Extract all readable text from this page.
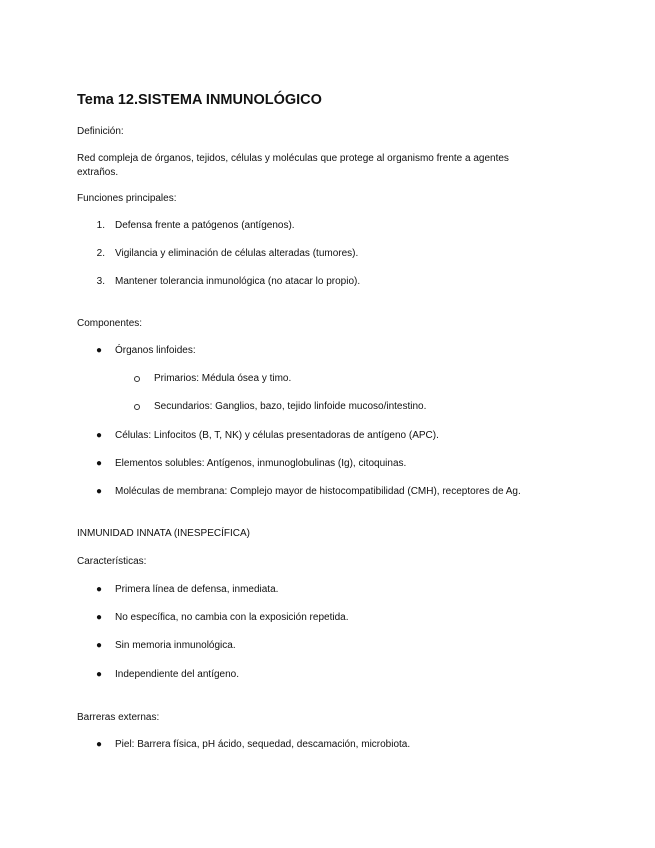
Tema 12.SISTEMA INMUNOLÓGICO
Definición:
Red compleja de órganos, tejidos, células y moléculas que protege al organismo frente a agentes extraños.
Funciones principales:
1. Defensa frente a patógenos (antígenos).
2. Vigilancia y eliminación de células alteradas (tumores).
3. Mantener tolerancia inmunológica (no atacar lo propio).
Componentes:
● Órganos linfoides:
Primarios: Médula ósea y timo.
Secundarios: Ganglios, bazo, tejido linfoide mucoso/intestino.
● Células: Linfocitos (B, T, NK) y células presentadoras de antígeno (APC).
● Elementos solubles: Antígenos, inmunoglobulinas (Ig), citoquinas.
● Moléculas de membrana: Complejo mayor de histocompatibilidad (CMH), receptores de Ag.
INMUNIDAD INNATA (INESPECÍFICA)
Características:
● Primera línea de defensa, inmediata.
● No específica, no cambia con la exposición repetida.
● Sin memoria inmunológica.
● Independiente del antígeno.
Barreras externas:
● Piel: Barrera física, pH ácido, sequedad, descamación, microbiota.
